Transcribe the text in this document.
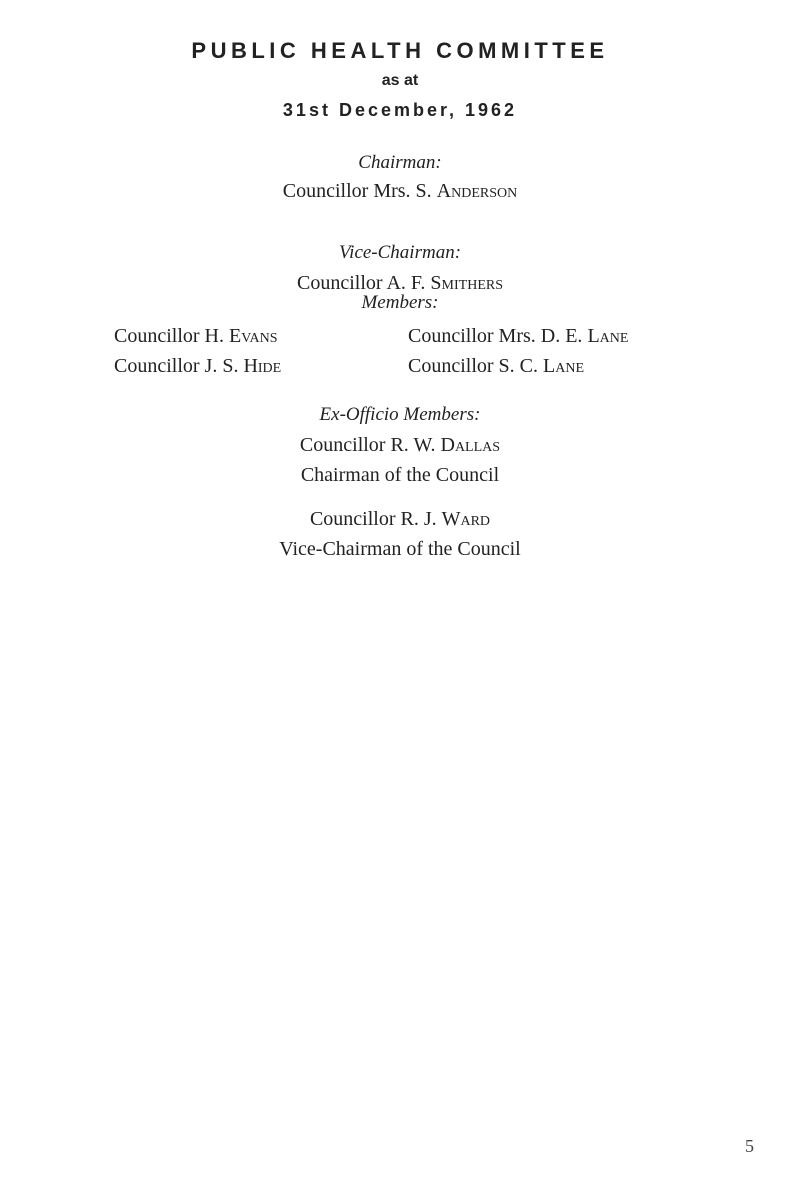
PUBLIC HEALTH COMMITTEE
as at
31st December, 1962
Chairman:
Councillor Mrs. S. Anderson
Vice-Chairman:
Councillor A. F. Smithers
Members:
Councillor H. Evans	Councillor Mrs. D. E. Lane
Councillor J. S. Hide	Councillor S. C. Lane
Ex-Officio Members:
Councillor R. W. Dallas
Chairman of the Council
Councillor R. J. Ward
Vice-Chairman of the Council
5
